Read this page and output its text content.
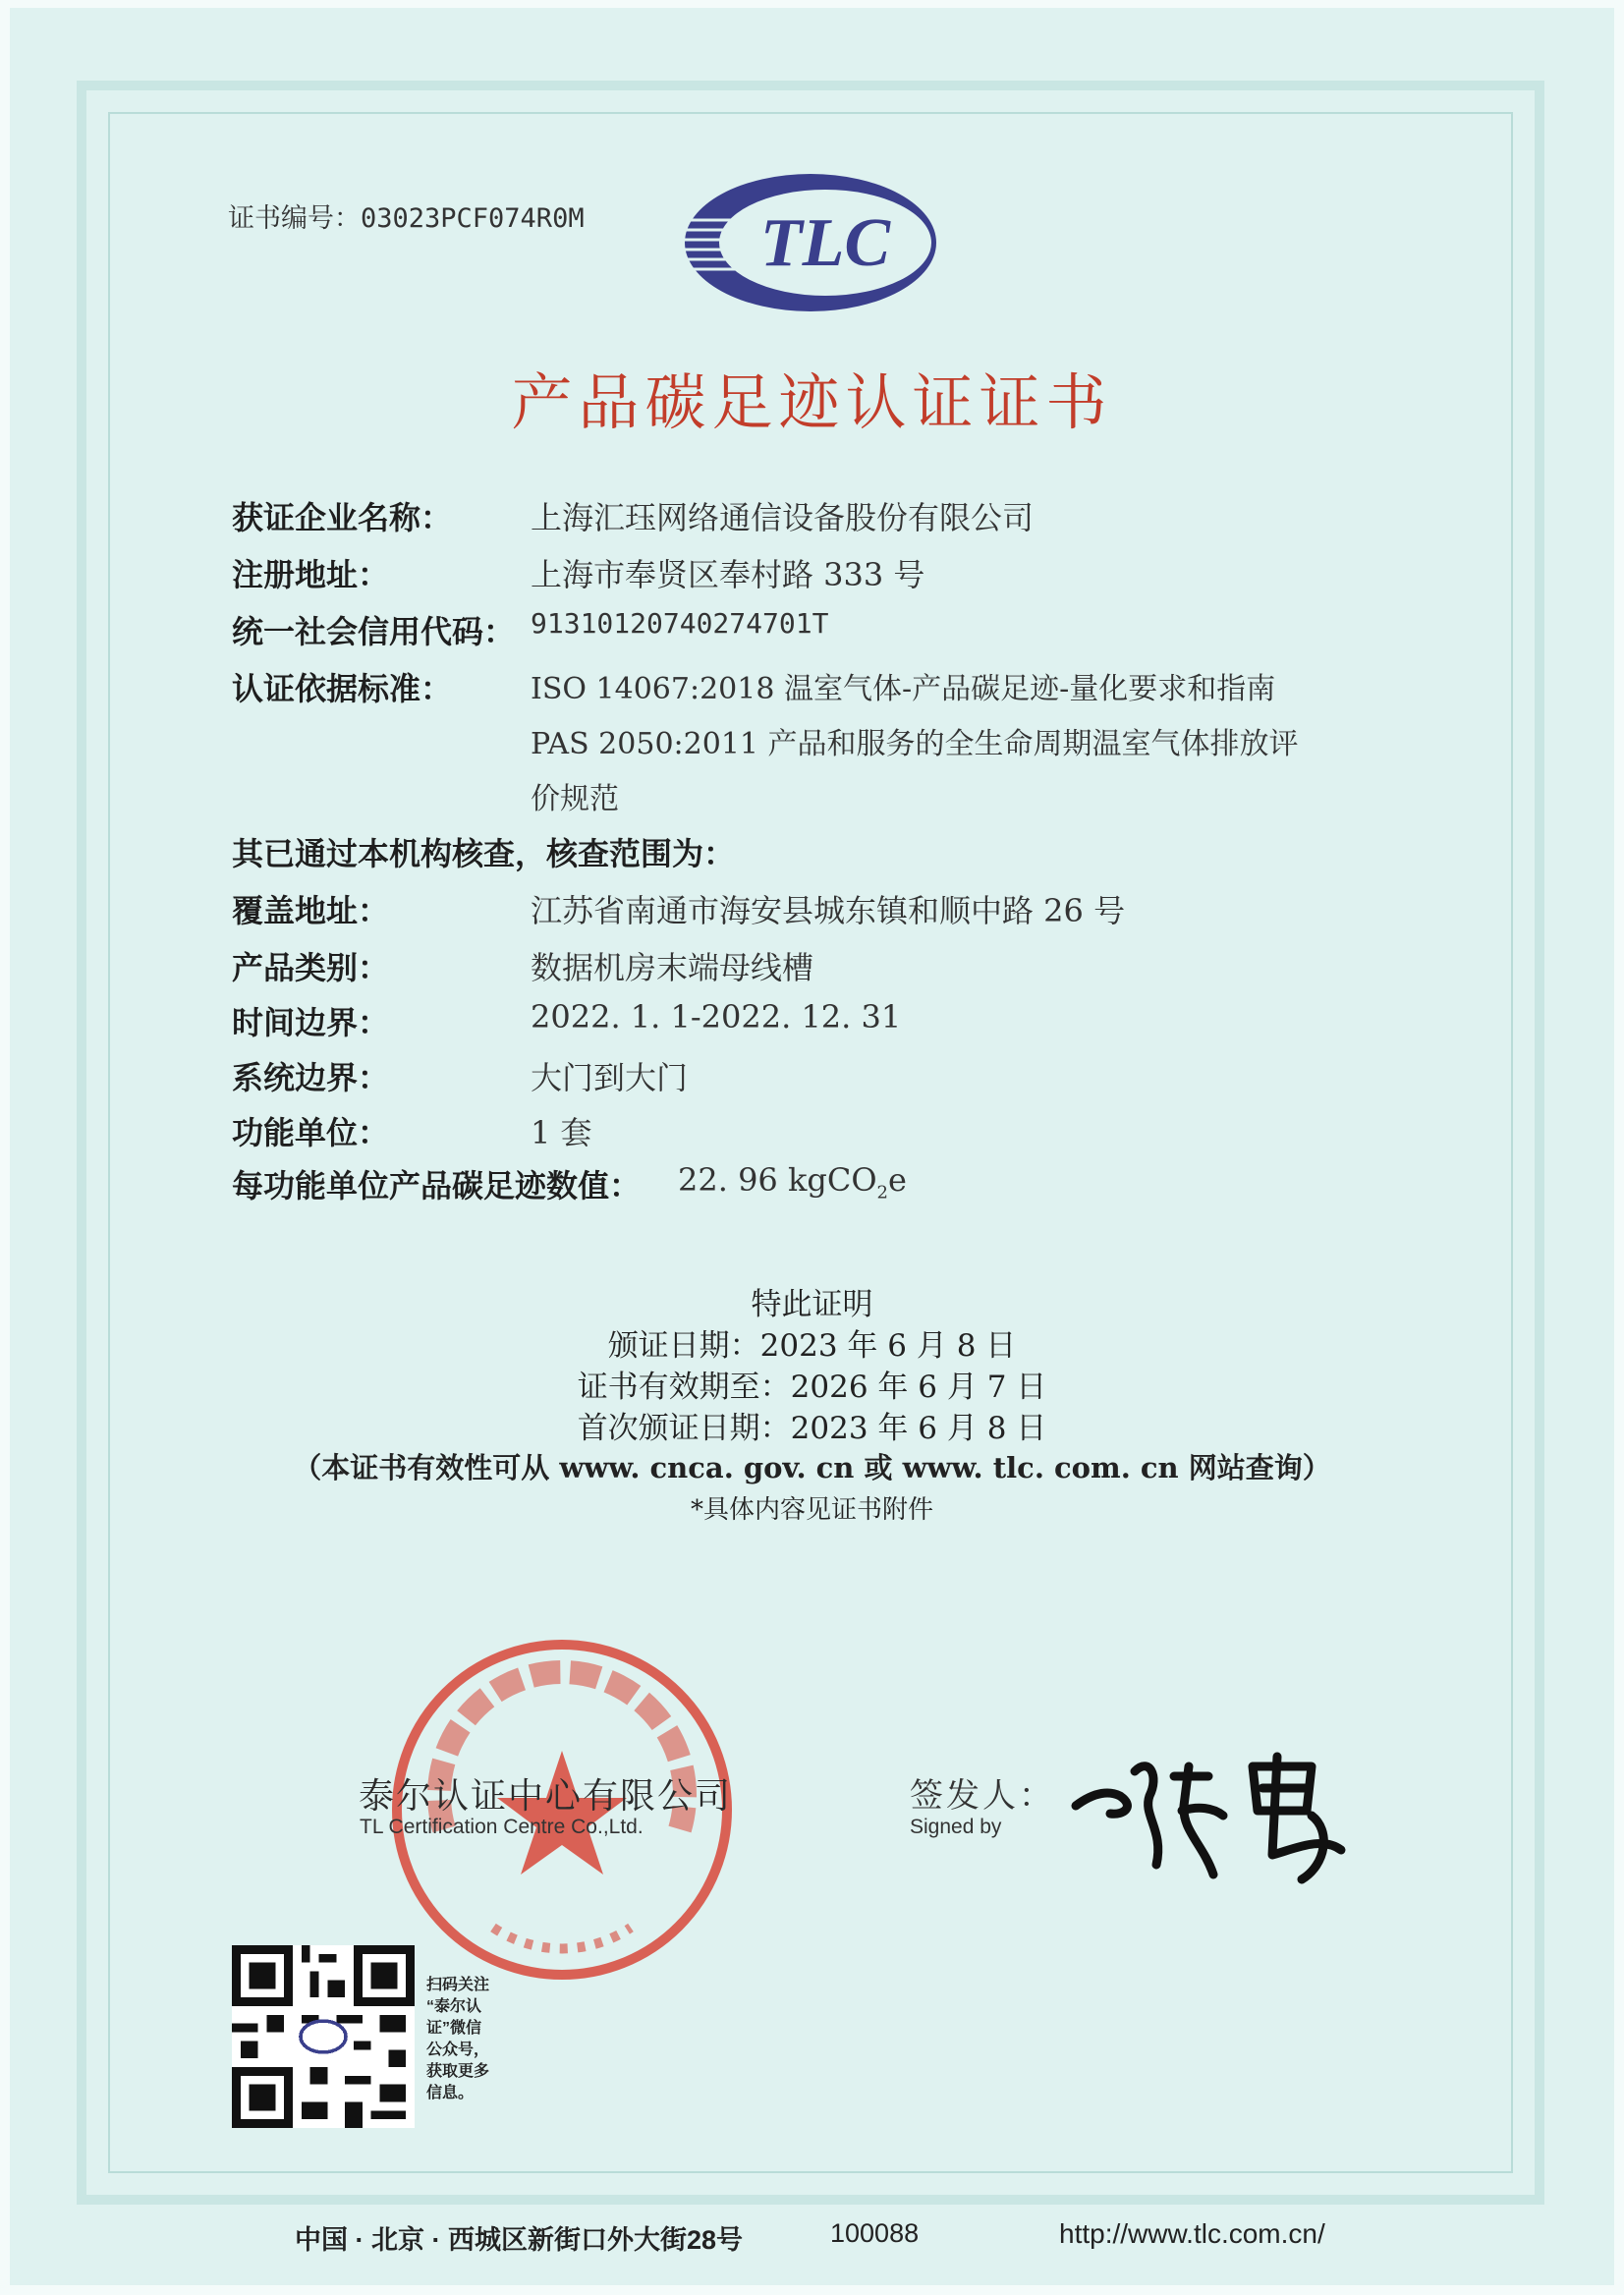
证书编号：03023PCF074R0M	TLC
产品碳足迹认证证书
获证企业名称： 上海汇珏网络通信设备股份有限公司
注册地址：	上海市奉贤区奉村路 333 号
统一社会信用代码： 91310120740274701T
认证依据标准：	ISO 14067:2018 温室气体-产品碳足迹-量化要求和指南
PAS 2050:2011 产品和服务的全生命周期温室气体排放评
价规范
其已通过本机构核查，核查范围为：
覆盖地址：	江苏省南通市海安县城东镇和顺中路 26 号
产品类别：	数据机房末端母线槽
时间边界：	2022. 1. 1-2022. 12. 31
系统边界：	大门到大门
功能单位：	1 套
每功能单位产品碳足迹数值： 22. 96 kgCO$_2$e
特此证明
颁证日期：2023 年 6 月 8 日
证书有效期至：2026 年 6 月 7 日
首次颁证日期：2023 年 6 月 8 日
（本证书有效性可从 www. cnca. gov. cn 或 www. tlc. com. cn 网站查询）
*具体内容见证书附件
泰尔认证中心有限公司
TL Certification Centre Co.,Ltd.
签发人：
Signed by
扫码关注
“泰尔认
证”微信
公众号，
获取更多
信息。
中国 · 北京 · 西城区新街口外大街28号	100088	http://www.tlc.com.cn/
